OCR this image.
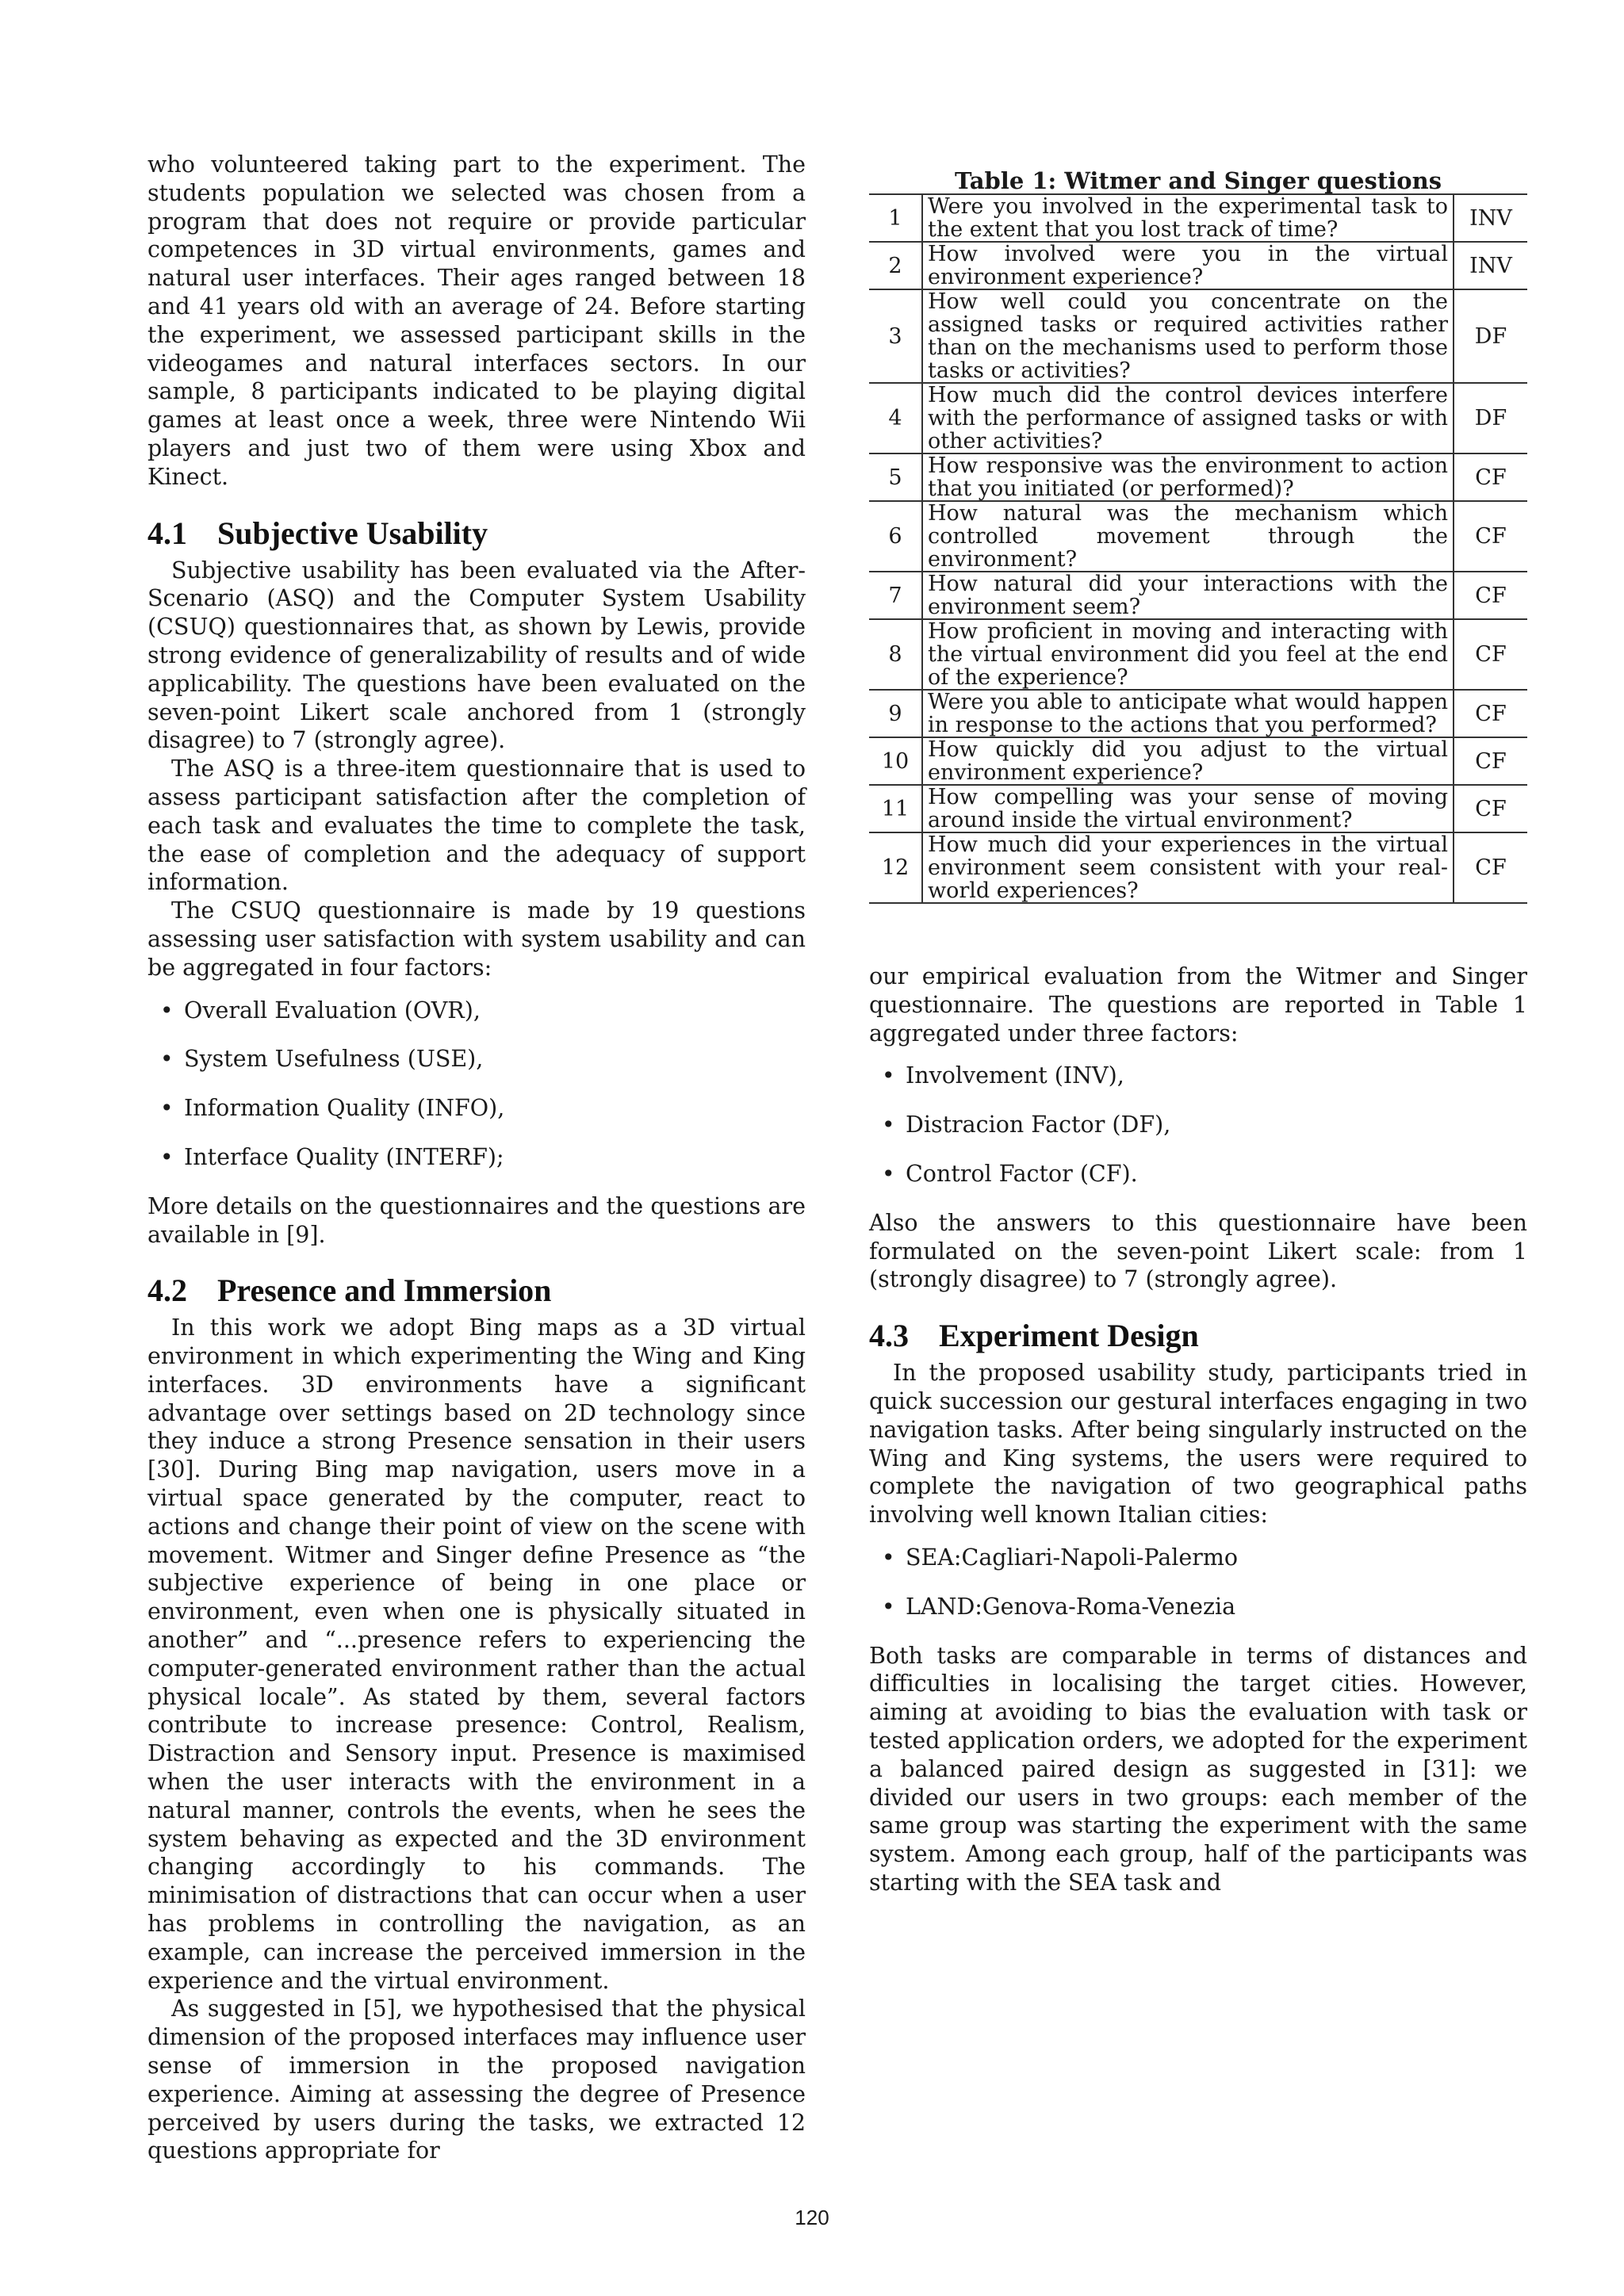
who volunteered taking part to the experiment. The students population we selected was chosen from a program that does not require or provide particular competences in 3D virtual environments, games and natural user interfaces. Their ages ranged between 18 and 41 years old with an average of 24. Before starting the experiment, we assessed participant skills in the videogames and natural interfaces sectors. In our sample, 8 participants indicated to be playing digital games at least once a week, three were Nintendo Wii players and just two of them were using Xbox and Kinect.

4.1 Subjective Usability

Subjective usability has been evaluated via the After-Scenario (ASQ) and the Computer System Usability (CSUQ) questionnaires that, as shown by Lewis, provide strong evidence of generalizability of results and of wide applicability. The questions have been evaluated on the seven-point Likert scale anchored from 1 (strongly disagree) to 7 (strongly agree).

The ASQ is a three-item questionnaire that is used to assess participant satisfaction after the completion of each task and evaluates the time to complete the task, the ease of completion and the adequacy of support information.

The CSUQ questionnaire is made by 19 questions assessing user satisfaction with system usability and can be aggregated in four factors:

• Overall Evaluation (OVR),
• System Usefulness (USE),
• Information Quality (INFO),
• Interface Quality (INTERF);

More details on the questionnaires and the questions are available in [9].

4.2 Presence and Immersion

In this work we adopt Bing maps as a 3D virtual environment in which experimenting the Wing and King interfaces. 3D environments have a significant advantage over settings based on 2D technology since they induce a strong Presence sensation in their users [30]. During Bing map navigation, users move in a virtual space generated by the computer, react to actions and change their point of view on the scene with movement. Witmer and Singer define Presence as “the subjective experience of being in one place or environment, even when one is physically situated in another” and “...presence refers to experiencing the computer-generated environment rather than the actual physical locale”. As stated by them, several factors contribute to increase presence: Control, Realism, Distraction and Sensory input. Presence is maximised when the user interacts with the environment in a natural manner, controls the events, when he sees the system behaving as expected and the 3D environment changing accordingly to his commands. The minimisation of distractions that can occur when a user has problems in controlling the navigation, as an example, can increase the perceived immersion in the experience and the virtual environment.

As suggested in [5], we hypothesised that the physical dimension of the proposed interfaces may influence user sense of immersion in the proposed navigation experience. Aiming at assessing the degree of Presence perceived by users during the tasks, we extracted 12 questions appropriate for

Table 1: Witmer and Singer questions
1	Were you involved in the experimental task to the extent that you lost track of time?	INV
2	How involved were you in the virtual environment experience?	INV
3	How well could you concentrate on the assigned tasks or required activities rather than on the mechanisms used to perform those tasks or activities?	DF
4	How much did the control devices interfere with the performance of assigned tasks or with other activities?	DF
5	How responsive was the environment to action that you initiated (or performed)?	CF
6	How natural was the mechanism which controlled movement through the environment?	CF
7	How natural did your interactions with the environment seem?	CF
8	How proficient in moving and interacting with the virtual environment did you feel at the end of the experience?	CF
9	Were you able to anticipate what would happen in response to the actions that you performed?	CF
10	How quickly did you adjust to the virtual environment experience?	CF
11	How compelling was your sense of moving around inside the virtual environment?	CF
12	How much did your experiences in the virtual environment seem consistent with your real-world experiences?	CF

our empirical evaluation from the Witmer and Singer questionnaire. The questions are reported in Table 1 aggregated under three factors:

• Involvement (INV),
• Distracion Factor (DF),
• Control Factor (CF).

Also the answers to this questionnaire have been formulated on the seven-point Likert scale: from 1 (strongly disagree) to 7 (strongly agree).

4.3 Experiment Design

In the proposed usability study, participants tried in quick succession our gestural interfaces engaging in two navigation tasks. After being singularly instructed on the Wing and King systems, the users were required to complete the navigation of two geographical paths involving well known Italian cities:

• SEA:Cagliari-Napoli-Palermo
• LAND:Genova-Roma-Venezia

Both tasks are comparable in terms of distances and difficulties in localising the target cities. However, aiming at avoiding to bias the evaluation with task or tested application orders, we adopted for the experiment a balanced paired design as suggested in [31]: we divided our users in two groups: each member of the same group was starting the experiment with the same system. Among each group, half of the participants was starting with the SEA task and

120
